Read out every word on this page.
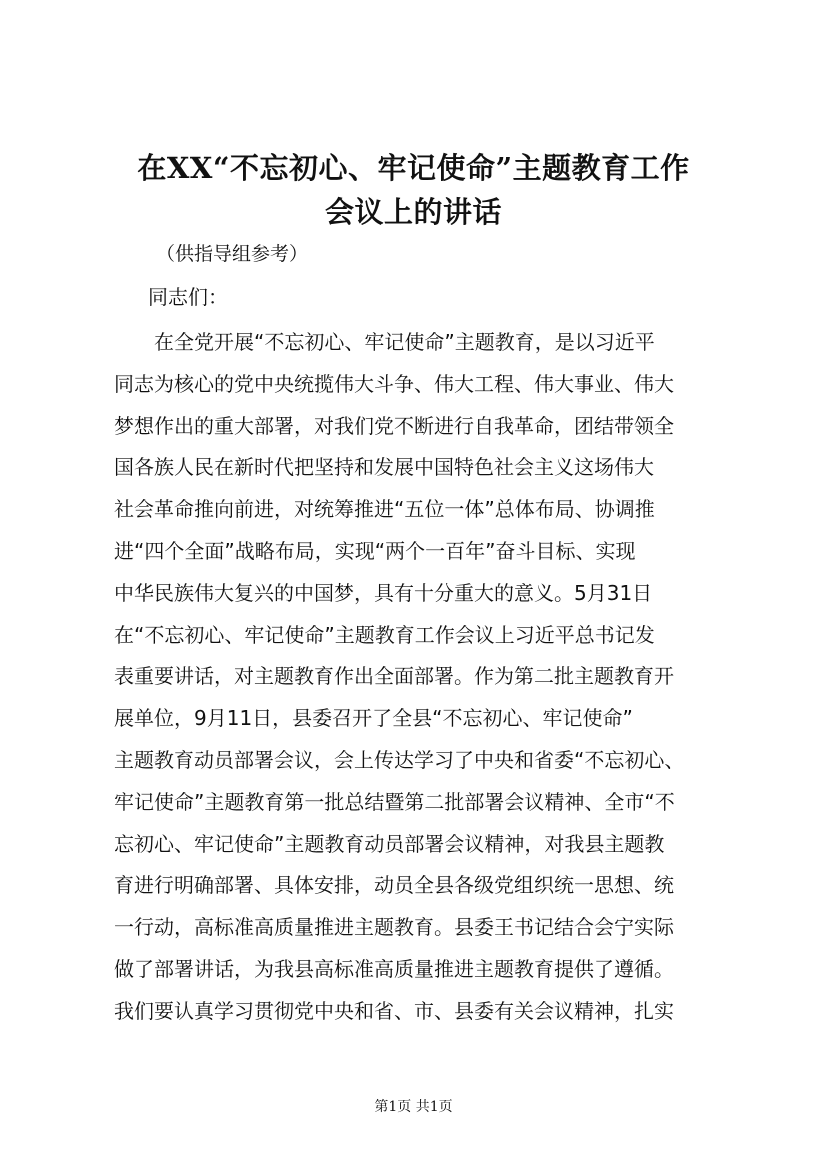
在XX“不忘初心、牢记使命”主题教育工作
会议上的讲话
（供指导组参考）
同志们：
　　在全党开展“不忘初心、牢记使命”主题教育，是以习近平
同志为核心的党中央统揽伟大斗争、伟大工程、伟大事业、伟大
梦想作出的重大部署，对我们党不断进行自我革命，团结带领全
国各族人民在新时代把坚持和发展中国特色社会主义这场伟大
社会革命推向前进，对统筹推进“五位一体”总体布局、协调推
进“四个全面”战略布局，实现“两个一百年”奋斗目标、实现
中华民族伟大复兴的中国梦，具有十分重大的意义。5月31日
在“不忘初心、牢记使命”主题教育工作会议上习近平总书记发
表重要讲话，对主题教育作出全面部署。作为第二批主题教育开
展单位，9月11日，县委召开了全县“不忘初心、牢记使命”
主题教育动员部署会议，会上传达学习了中央和省委“不忘初心、
牢记使命”主题教育第一批总结暨第二批部署会议精神、全市“不
忘初心、牢记使命”主题教育动员部署会议精神，对我县主题教
育进行明确部署、具体安排，动员全县各级党组织统一思想、统
一行动，高标准高质量推进主题教育。县委王书记结合会宁实际
做了部署讲话，为我县高标准高质量推进主题教育提供了遵循。
我们要认真学习贯彻党中央和省、市、县委有关会议精神，扎实
第1页 共1页
